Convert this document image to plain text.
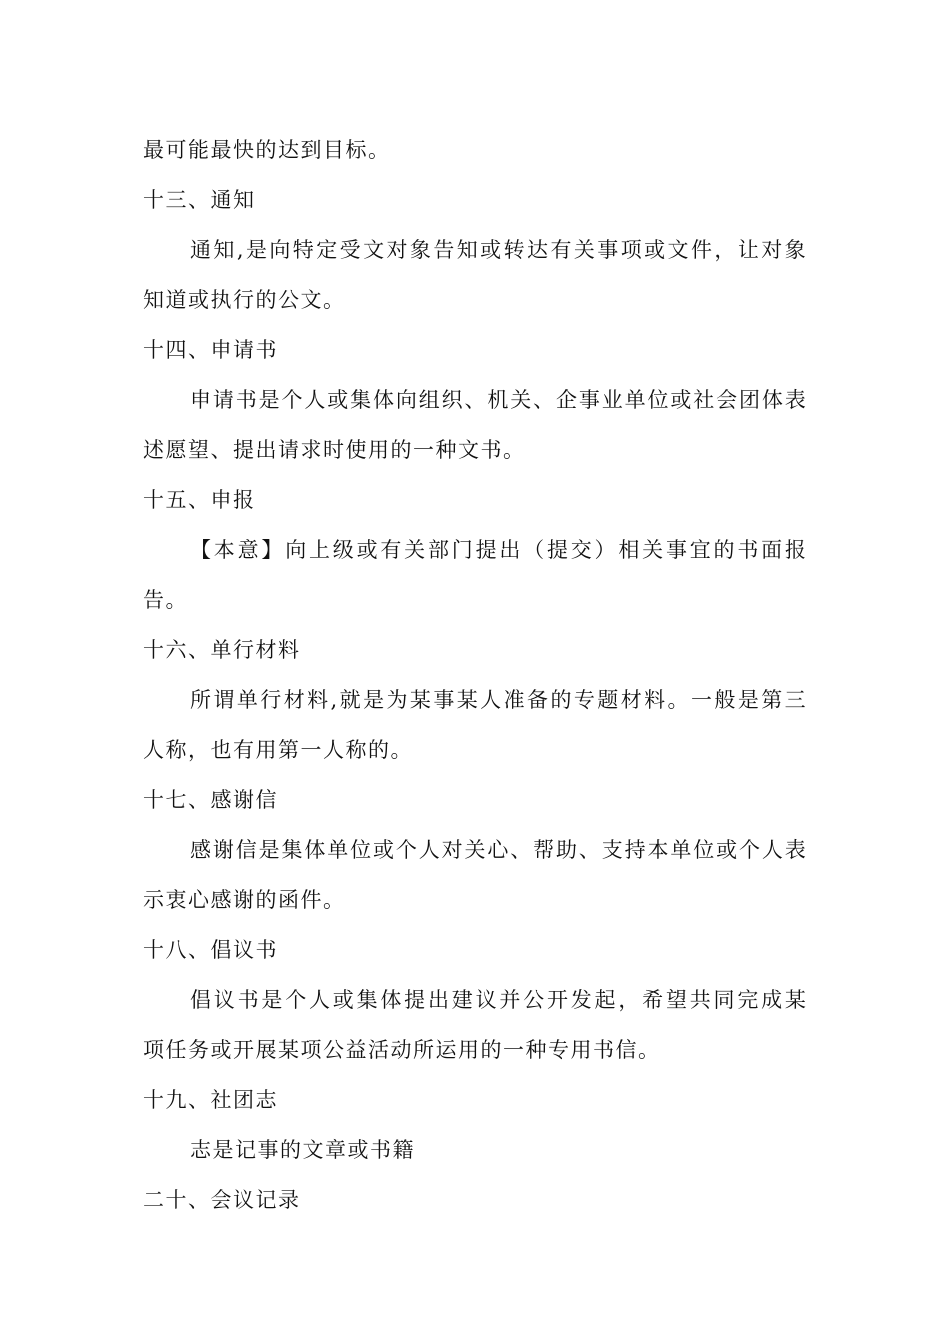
最可能最快的达到目标。
十三、通知
通 知 , 是 向 特 定 受 文 对 象 告 知 或 转 达 有 关 事 项 或 文 件 ， 让 对 象
知道或执行的公文。
十四、申请书
申 请 书 是 个 人 或 集 体 向 组 织 、 机 关 、 企 事 业 单 位 或 社 会 团 体 表
述愿望、提出请求时使用的一种文书。
十五、申报
【 本 意 】 向 上 级 或 有 关 部 门 提 出 （ 提 交 ） 相 关 事 宜 的 书 面 报
告。
十六、单行材料
所 谓 单 行 材 料 , 就 是 为 某 事 某 人 准 备 的 专 题 材 料 。 一 般 是 第 三
人称，也有用第一人称的。
十七、感谢信
感 谢 信 是 集 体 单 位 或 个 人 对 关 心 、 帮 助 、 支 持 本 单 位 或 个 人 表
示衷心感谢的函件。
十八、倡议书
倡 议 书 是 个 人 或 集 体 提 出 建 议 并 公 开 发 起 ， 希 望 共 同 完 成 某
项任务或开展某项公益活动所运用的一种专用书信。
十九、社团志
志是记事的文章或书籍
二十、会议记录
